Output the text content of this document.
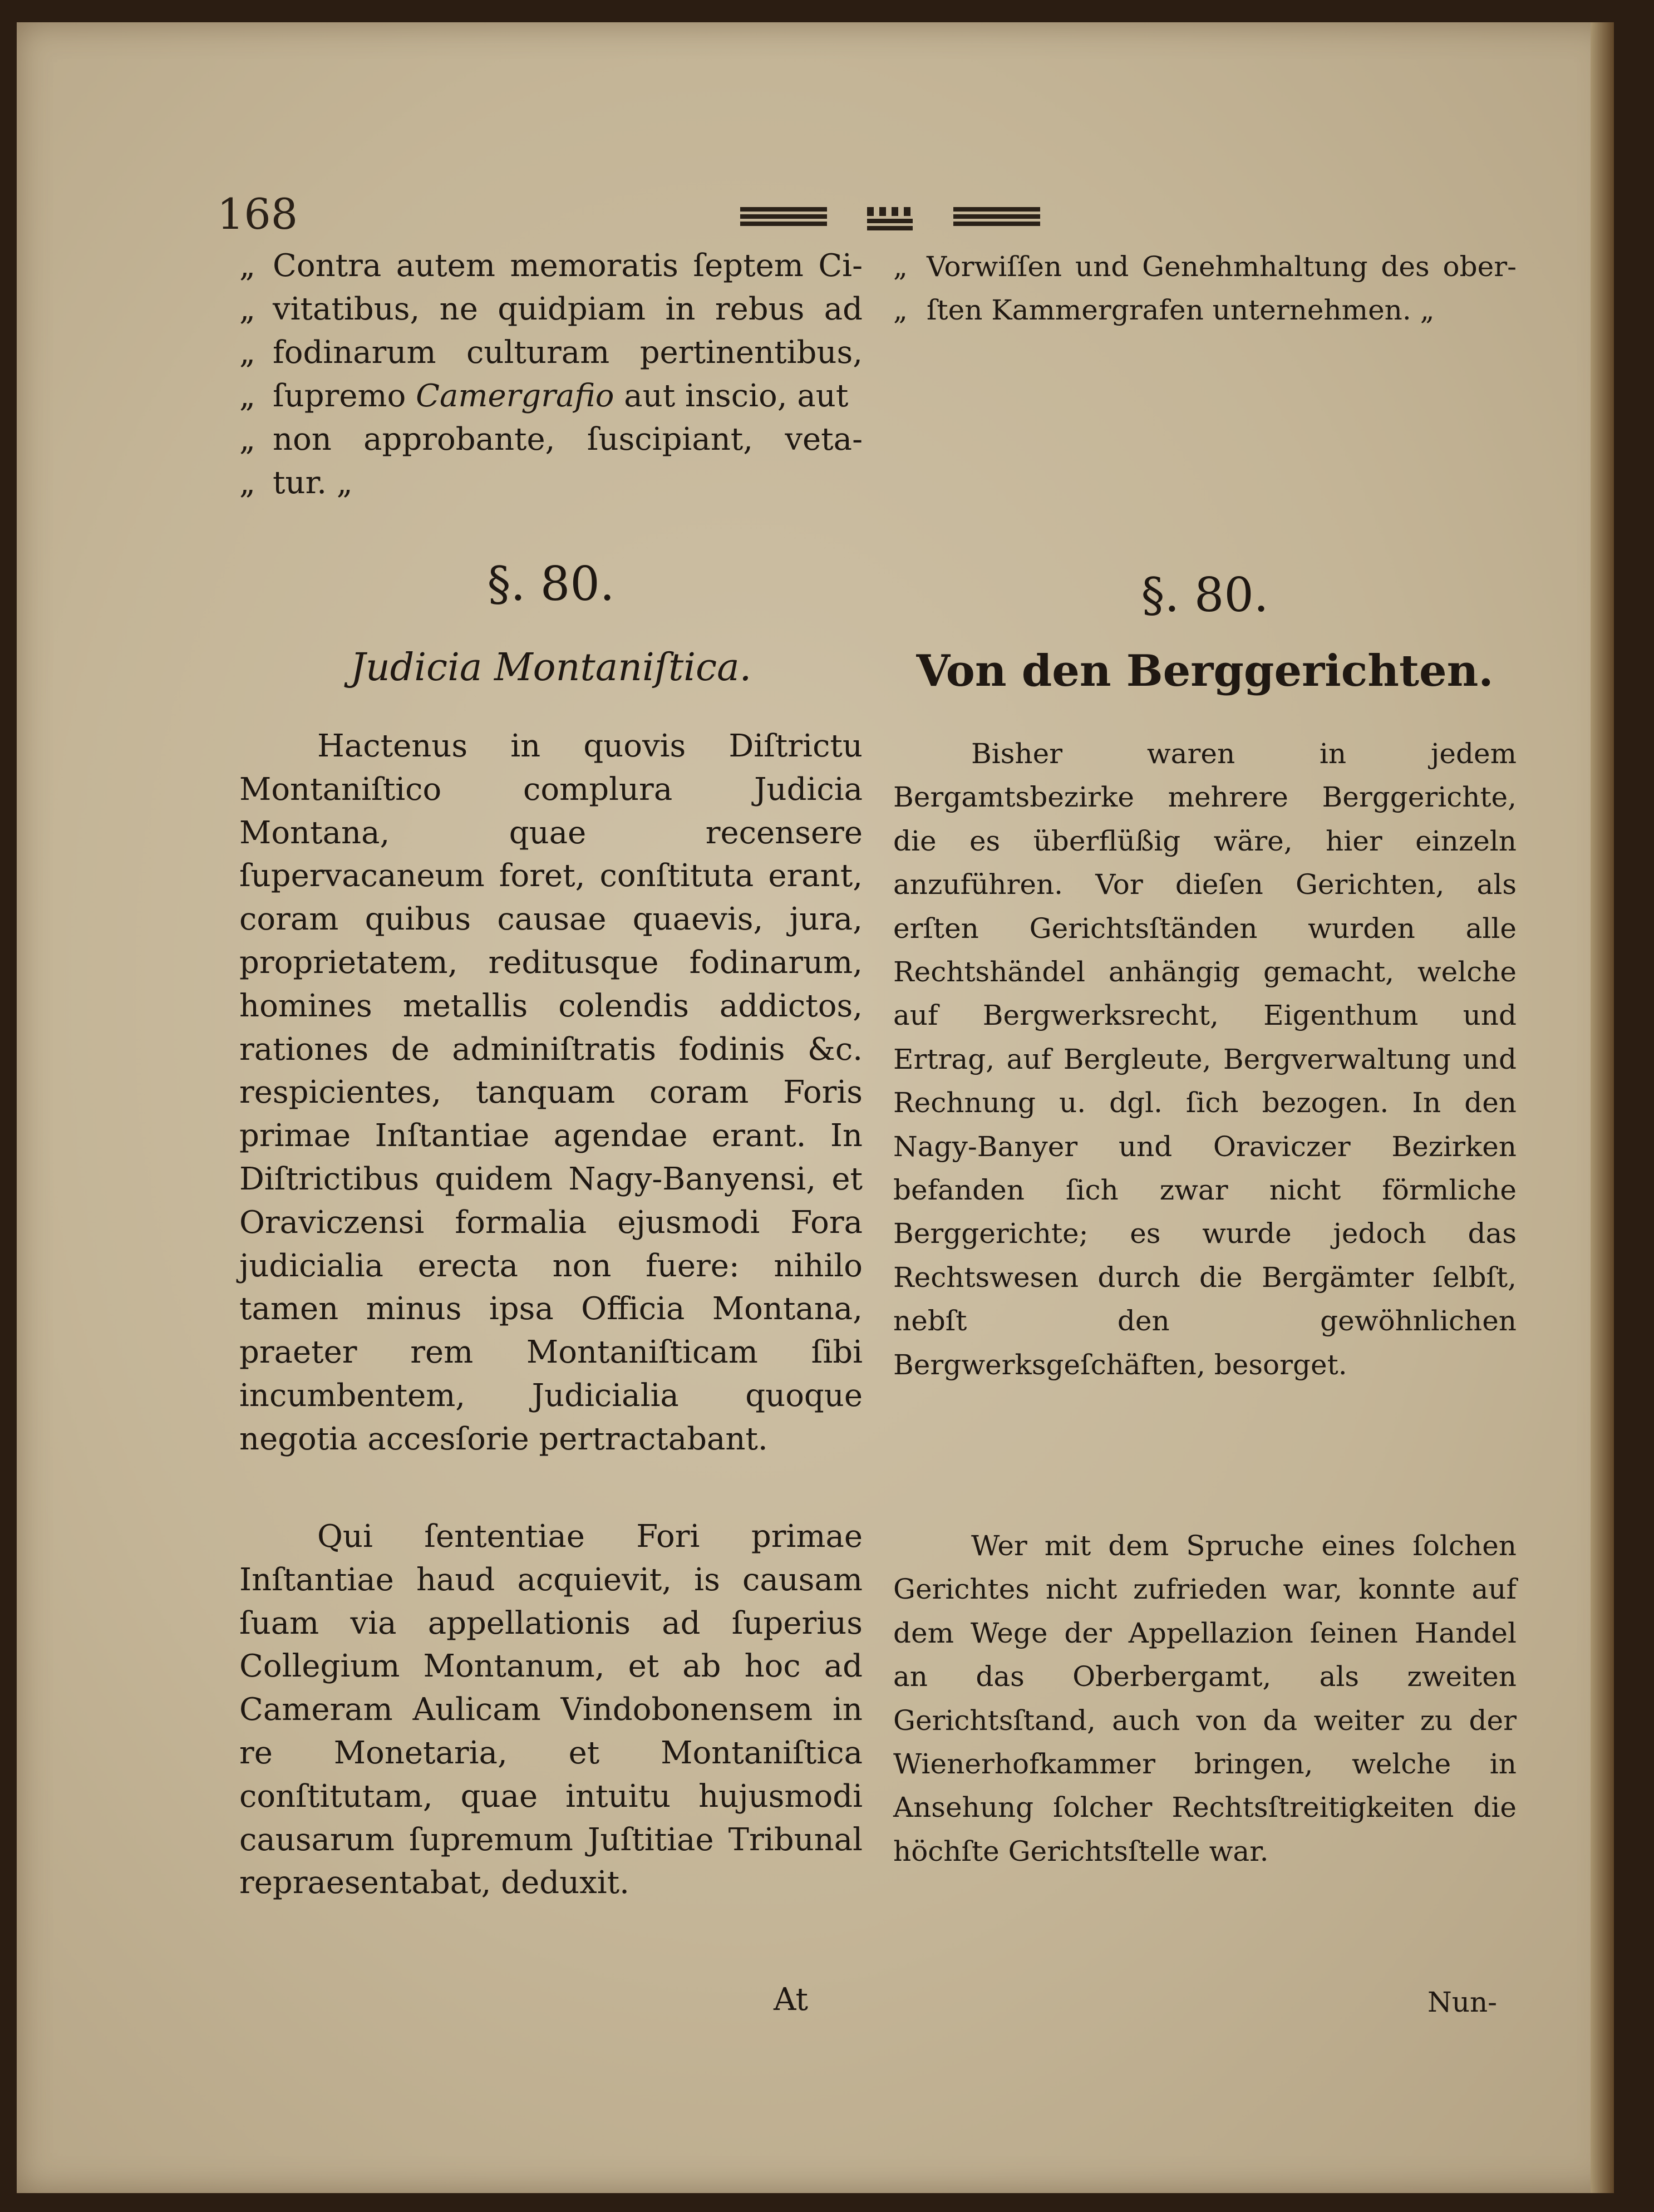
168
„ Contra autem memoratis ſeptem Ci-
„ vitatibus, ne quidpiam in rebus ad
„ fodinarum culturam pertinentibus,
„ ſupremo Camergrafio aut inscio, aut
„ non approbante, ſuscipiant, veta-
„ tur. „
§. 80.
Judicia Montaniſtica.
Hactenus in quovis Diſtrictu Montaniſtico complura Judicia Montana, quae recensere ſupervacaneum foret, conſtituta erant, coram quibus causae quaevis, jura, proprietatem, reditusque fodinarum, homines metallis colendis addictos, rationes de adminiſtratis fodinis &c. respicientes, tanquam coram Foris primae Inſtantiae agendae erant. In Diſtrictibus quidem Nagy-Banyensi, et Oraviczensi formalia ejusmodi Fora judicialia erecta non fuere: nihilo tamen minus ipsa Officia Montana, praeter rem Montaniſticam ſibi incumbentem, Judicialia quoque negotia accesſorie pertractabant.
Qui ſententiae Fori primae Inſtantiae haud acquievit, is causam ſuam via appellationis ad ſuperius Collegium Montanum, et ab hoc ad Cameram Aulicam Vindobonensem in re Monetaria, et Montaniſtica conſtitutam, quae intuitu hujusmodi causarum ſupremum Juſtitiae Tribunal repraesentabat, deduxit.
At
„ Vorwiſſen und Genehmhaltung des ober-
„ ſten Kammergrafen unternehmen. „
§. 80.
Von den Berggerichten.
Bisher waren in jedem Bergamtsbezirke mehrere Berggerichte, die es überflüßig wäre, hier einzeln anzuführen. Vor dieſen Gerichten, als erſten Gerichtsſtänden wurden alle Rechtshändel anhängig gemacht, welche auf Bergwerksrecht, Eigenthum und Ertrag, auf Bergleute, Bergverwaltung und Rechnung u. dgl. ſich bezogen. In den Nagy-Banyer und Oraviczer Bezirken befanden ſich zwar nicht förmliche Berggerichte; es wurde jedoch das Rechtswesen durch die Bergämter ſelbſt, nebſt den gewöhnlichen Bergwerksgeſchäften, besorget.
Wer mit dem Spruche eines ſolchen Gerichtes nicht zufrieden war, konnte auf dem Wege der Appellazion ſeinen Handel an das Oberbergamt, als zweiten Gerichtsſtand, auch von da weiter zu der Wienerhofkammer bringen, welche in Ansehung ſolcher Rechtsſtreitigkeiten die höchſte Gerichtsſtelle war.
Nun-
